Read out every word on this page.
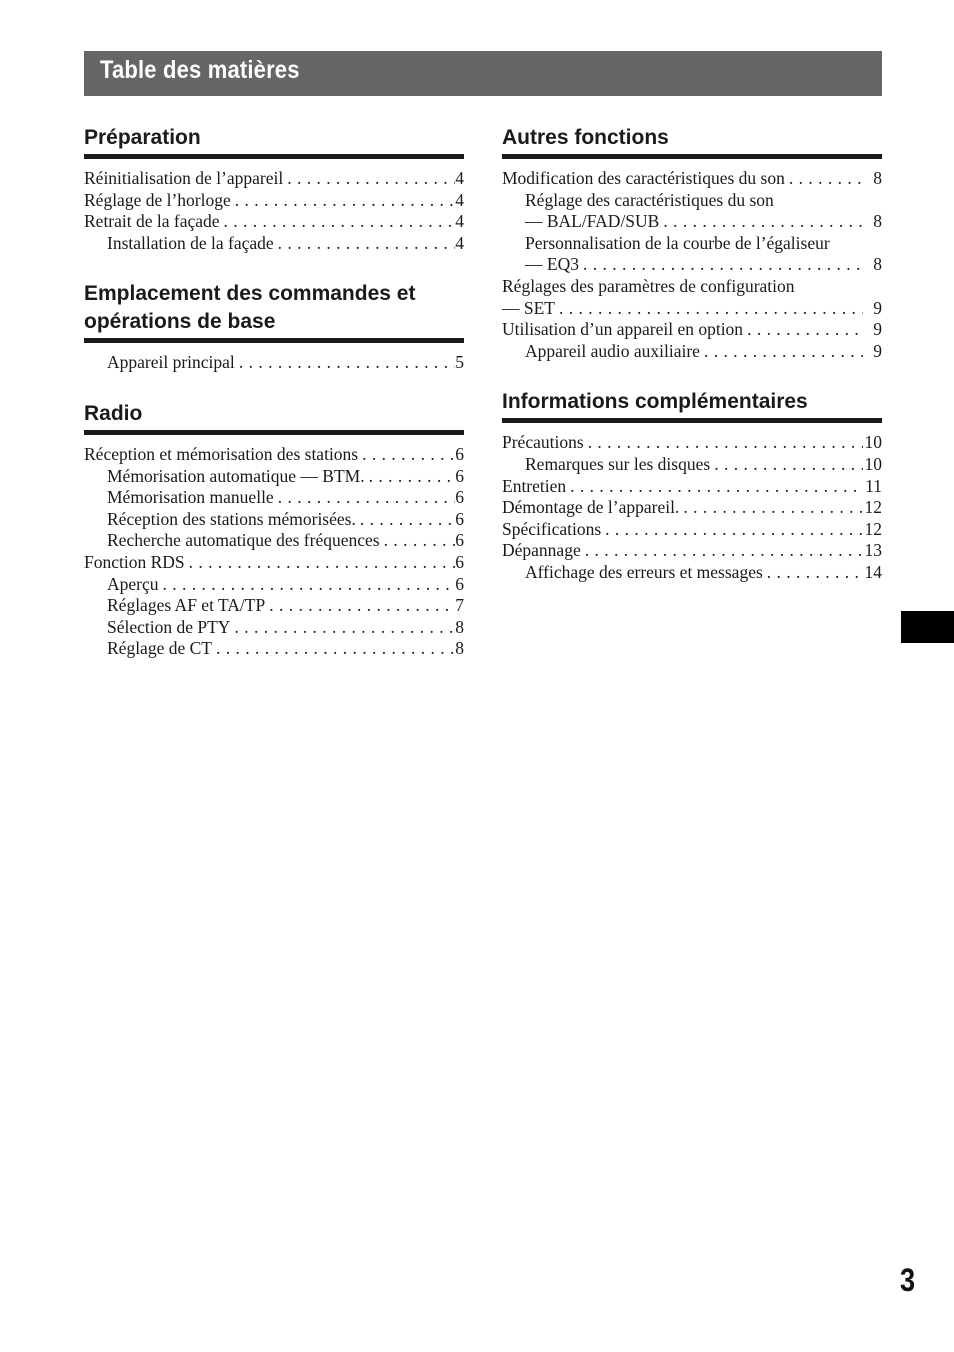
Table des matières
Préparation
Réinitialisation de l’appareil . . .	4
Réglage de l’horloge . . .	4
Retrait de la façade . . .	4
Installation de la façade . . .	4
Emplacement des commandes et opérations de base
Appareil principal . . .	5
Radio
Réception et mémorisation des stations . . .	6
Mémorisation automatique — BTM. . . .	6
Mémorisation manuelle . . .	6
Réception des stations mémorisées. . . .	6
Recherche automatique des fréquences . . .	6
Fonction RDS . . .	6
Aperçu . . .	6
Réglages AF et TA/TP . . .	7
Sélection de PTY . . .	8
Réglage de CT . . .	8
Autres fonctions
Modification des caractéristiques du son . . .	8
Réglage des caractéristiques du son
— BAL/FAD/SUB . . .	8
Personnalisation de la courbe de l’égaliseur
— EQ3 . . .	8
Réglages des paramètres de configuration
— SET . . .	9
Utilisation d’un appareil en option . . .	9
Appareil audio auxiliaire . . .	9
Informations complémentaires
Précautions . . .	10
Remarques sur les disques . . .	10
Entretien . . .	11
Démontage de l’appareil. . . .	12
Spécifications . . .	12
Dépannage . . .	13
Affichage des erreurs et messages . . .	14
3
